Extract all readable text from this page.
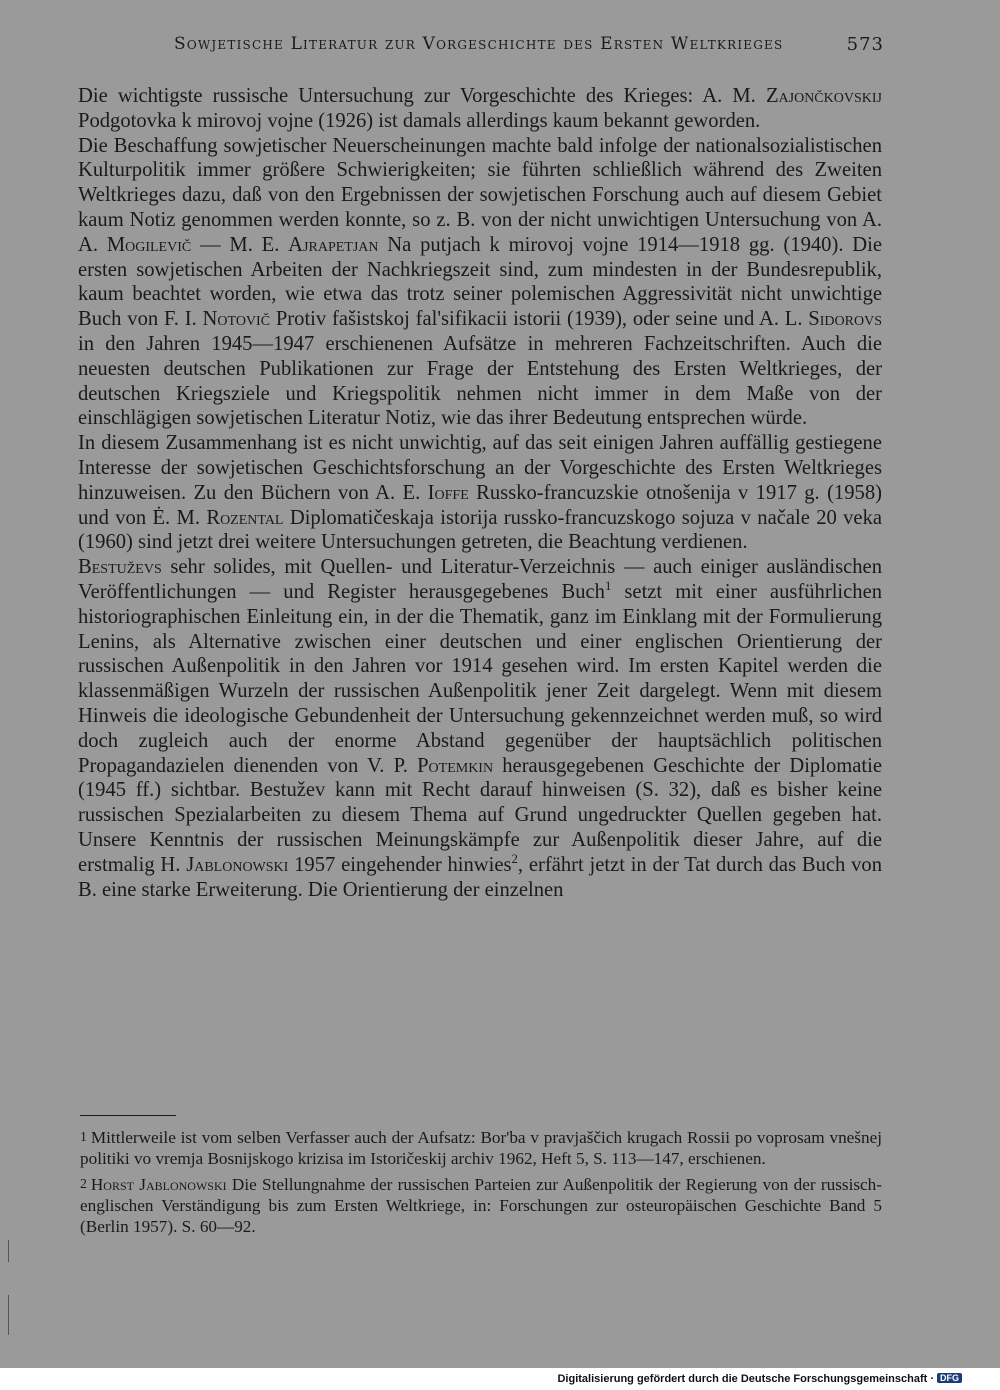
Sowjetische Literatur zur Vorgeschichte des Ersten Weltkrieges	573

Die wichtigste russische Untersuchung zur Vorgeschichte des Krieges: A. M. Zajončkovskij Podgotovka k mirovoj vojne (1926) ist damals allerdings kaum bekannt geworden.

Die Beschaffung sowjetischer Neuerscheinungen machte bald infolge der nationalsozialistischen Kulturpolitik immer größere Schwierigkeiten; sie führten schließlich während des Zweiten Weltkrieges dazu, daß von den Ergebnissen der sowjetischen Forschung auch auf diesem Gebiet kaum Notiz genommen werden konnte, so z. B. von der nicht unwichtigen Untersuchung von A. A. Mogilevič — M. E. Ajrapetjan Na putjach k mirovoj vojne 1914—1918 gg. (1940). Die ersten sowjetischen Arbeiten der Nachkriegszeit sind, zum mindesten in der Bundesrepublik, kaum beachtet worden, wie etwa das trotz seiner polemischen Aggressivität nicht unwichtige Buch von F. I. Notovič Protiv fašistskoj fal'sifikacii istorii (1939), oder seine und A. L. Sidorovs in den Jahren 1945—1947 erschienenen Aufsätze in mehreren Fachzeitschriften. Auch die neuesten deutschen Publikationen zur Frage der Entstehung des Ersten Weltkrieges, der deutschen Kriegsziele und Kriegspolitik nehmen nicht immer in dem Maße von der einschlägigen sowjetischen Literatur Notiz, wie das ihrer Bedeutung entsprechen würde.

In diesem Zusammenhang ist es nicht unwichtig, auf das seit einigen Jahren auffällig gestiegene Interesse der sowjetischen Geschichtsforschung an der Vorgeschichte des Ersten Weltkrieges hinzuweisen. Zu den Büchern von A. E. Ioffe Russko-francuzskie otnošenija v 1917 g. (1958) und von Ė. M. Rozental Diplomatičeskaja istorija russko-francuzskogo sojuza v načale 20 veka (1960) sind jetzt drei weitere Untersuchungen getreten, die Beachtung verdienen.

Bestuževs sehr solides, mit Quellen- und Literatur-Verzeichnis — auch einiger ausländischen Veröffentlichungen — und Register herausgegebenes Buch$^1$ setzt mit einer ausführlichen historiographischen Einleitung ein, in der die Thematik, ganz im Einklang mit der Formulierung Lenins, als Alternative zwischen einer deutschen und einer englischen Orientierung der russischen Außenpolitik in den Jahren vor 1914 gesehen wird. Im ersten Kapitel werden die klassenmäßigen Wurzeln der russischen Außenpolitik jener Zeit dargelegt. Wenn mit diesem Hinweis die ideologische Gebundenheit der Untersuchung gekennzeichnet werden muß, so wird doch zugleich auch der enorme Abstand gegenüber der hauptsächlich politischen Propagandazielen dienenden von V. P. Potemkin herausgegebenen Geschichte der Diplomatie (1945 ff.) sichtbar. Bestužev kann mit Recht darauf hinweisen (S. 32), daß es bisher keine russischen Spezialarbeiten zu diesem Thema auf Grund ungedruckter Quellen gegeben hat. Unsere Kenntnis der russischen Meinungskämpfe zur Außenpolitik dieser Jahre, auf die erstmalig H. Jablonowski 1957 eingehender hinwies$^2$, erfährt jetzt in der Tat durch das Buch von B. eine starke Erweiterung. Die Orientierung der einzelnen

1 Mittlerweile ist vom selben Verfasser auch der Aufsatz: Bor'ba v pravjaščich krugach Rossii po voprosam vnešnej politiki vo vremja Bosnijskogo krizisa im Istoričeskij archiv 1962, Heft 5, S. 113—147, erschienen.

2 Horst Jablonowski Die Stellungnahme der russischen Parteien zur Außenpolitik der Regierung von der russisch-englischen Verständigung bis zum Ersten Weltkriege, in: Forschungen zur osteuropäischen Geschichte Band 5 (Berlin 1957). S. 60—92.

Digitalisierung gefördert durch die Deutsche Forschungsgemeinschaft · DFG
